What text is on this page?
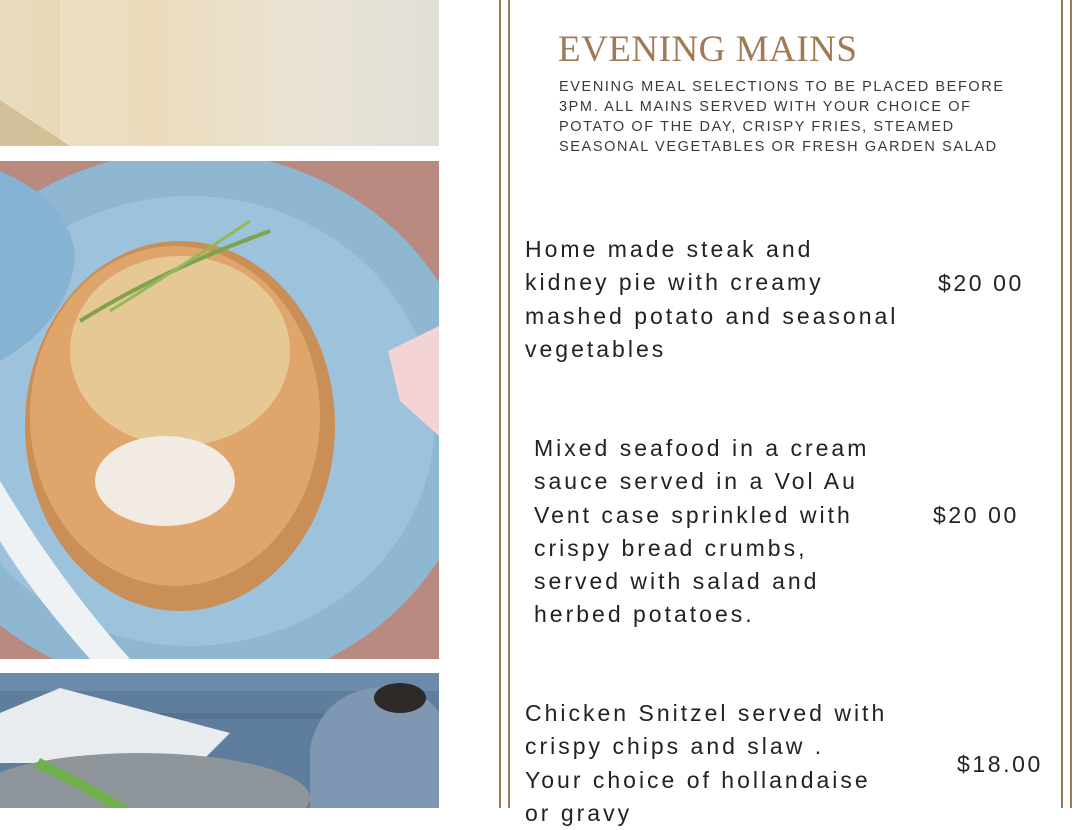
EVENING MAINS
EVENING MEAL SELECTIONS TO BE PLACED BEFORE
3PM. ALL MAINS SERVED WITH YOUR CHOICE OF
POTATO OF THE DAY, CRISPY FRIES, STEAMED
SEASONAL VEGETABLES OR FRESH GARDEN SALAD
Home made steak and
kidney pie with creamy
mashed potato and seasonal
vegetables
$20 00
Mixed seafood in a cream
sauce served in a Vol Au
Vent case sprinkled with
crispy bread crumbs,
served with salad and
herbed potatoes.
$20 00
Chicken Snitzel served with
crispy chips and slaw .
Your choice of hollandaise
or gravy
$18.00
